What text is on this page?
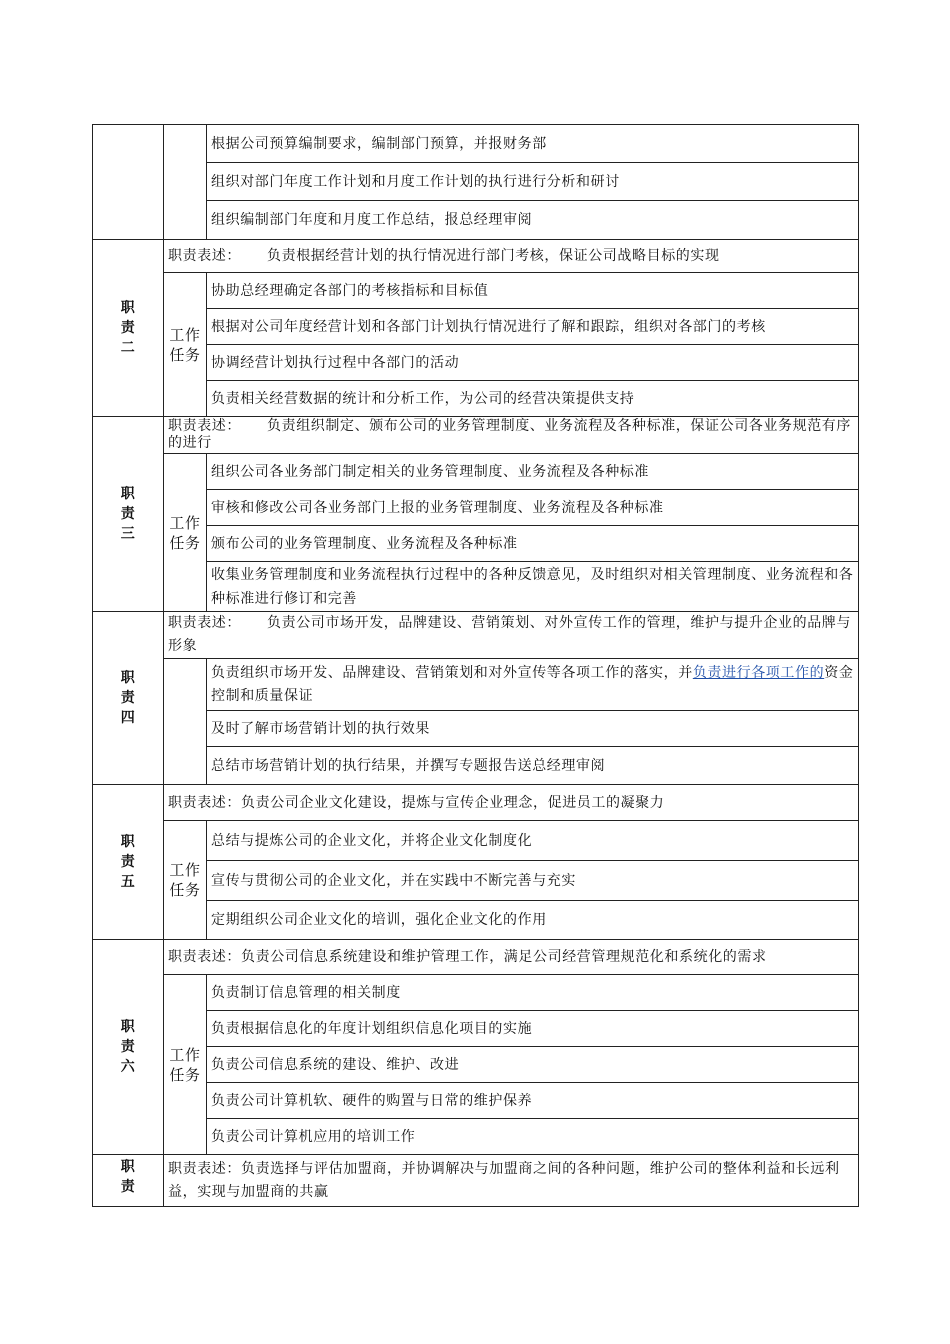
		根据公司预算编制要求，编制部门预算，并报财务部
		组织对部门年度工作计划和月度工作计划的执行进行分析和研讨
		组织编制部门年度和月度工作总结，报总经理审阅
职责二	职责表述： 负责根据经营计划的执行情况进行部门考核，保证公司战略目标的实现	
	工作任务	协助总经理确定各部门的考核指标和目标值
		根据对公司年度经营计划和各部门计划执行情况进行了解和跟踪，组织对各部门的考核
		协调经营计划执行过程中各部门的活动
		负责相关经营数据的统计和分析工作，为公司的经营决策提供支持
职责三	职责表述： 负责组织制定、颁布公司的业务管理制度、业务流程及各种标准，保证公司各业务规范有序的进行	
	工作任务	组织公司各业务部门制定相关的业务管理制度、业务流程及各种标准
		审核和修改公司各业务部门上报的业务管理制度、业务流程及各种标准
		颁布公司的业务管理制度、业务流程及各种标准
		收集业务管理制度和业务流程执行过程中的各种反馈意见，及时组织对相关管理制度、业务流程和各种标准进行修订和完善
职责四	职责表述： 负责公司市场开发，品牌建设、营销策划、对外宣传工作的管理，维护与提升企业的品牌与形象	
		负责组织市场开发、品牌建设、营销策划和对外宣传等各项工作的落实，并负责进行各项工作的资金控制和质量保证
		及时了解市场营销计划的执行效果
		总结市场营销计划的执行结果，并撰写专题报告送总经理审阅
职责五	职责表述：负责公司企业文化建设，提炼与宣传企业理念，促进员工的凝聚力	
	工作任务	总结与提炼公司的企业文化，并将企业文化制度化
		宣传与贯彻公司的企业文化，并在实践中不断完善与充实
		定期组织公司企业文化的培训，强化企业文化的作用
职责六	职责表述：负责公司信息系统建设和维护管理工作，满足公司经营管理规范化和系统化的需求	
	工作任务	负责制订信息管理的相关制度
		负责根据信息化的年度计划组织信息化项目的实施
		负责公司信息系统的建设、维护、改进
		负责公司计算机软、硬件的购置与日常的维护保养
		负责公司计算机应用的培训工作
职责	职责表述：负责选择与评估加盟商，并协调解决与加盟商之间的各种问题，维护公司的整体利益和长远利益，实现与加盟商的共赢	
